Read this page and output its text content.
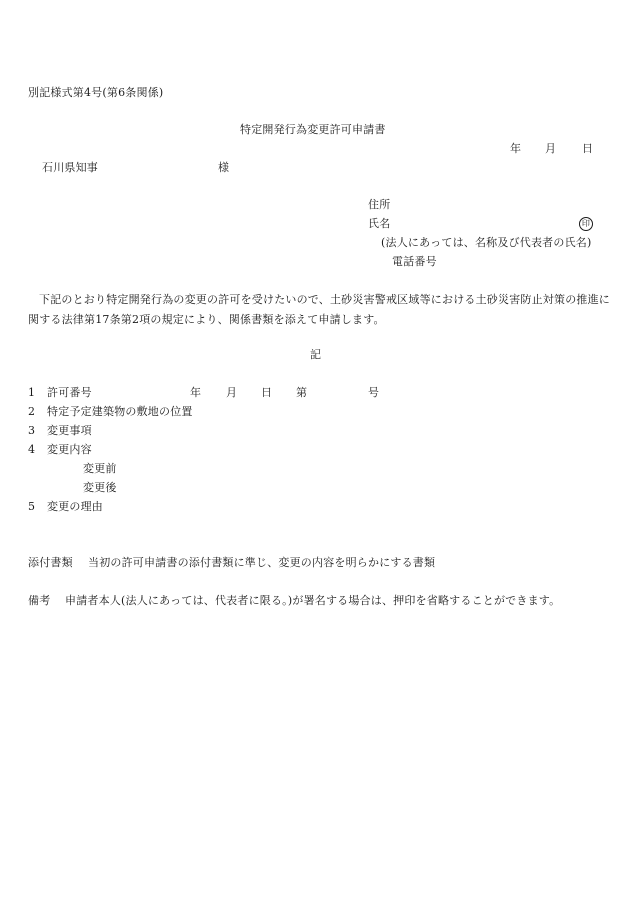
別記様式第4号(第6条関係)
特定開発行為変更許可申請書
年 月 日
石川県知事	様
住所
氏名	印
(法人にあっては、名称及び代表者の氏名)
電話番号
下記のとおり特定開発行為の変更の許可を受けたいので、土砂災害警戒区域等における土砂災害防止対策の推進に関する法律第17条第2項の規定により、関係書類を添えて申請します。
記
1 許可番号	年 月 日 第	号
2 特定予定建築物の敷地の位置
3 変更事項
4 変更内容
変更前
変更後
5 変更の理由
添付書類 当初の許可申請書の添付書類に準じ、変更の内容を明らかにする書類
備考 申請者本人(法人にあっては、代表者に限る。)が署名する場合は、押印を省略することができます。
